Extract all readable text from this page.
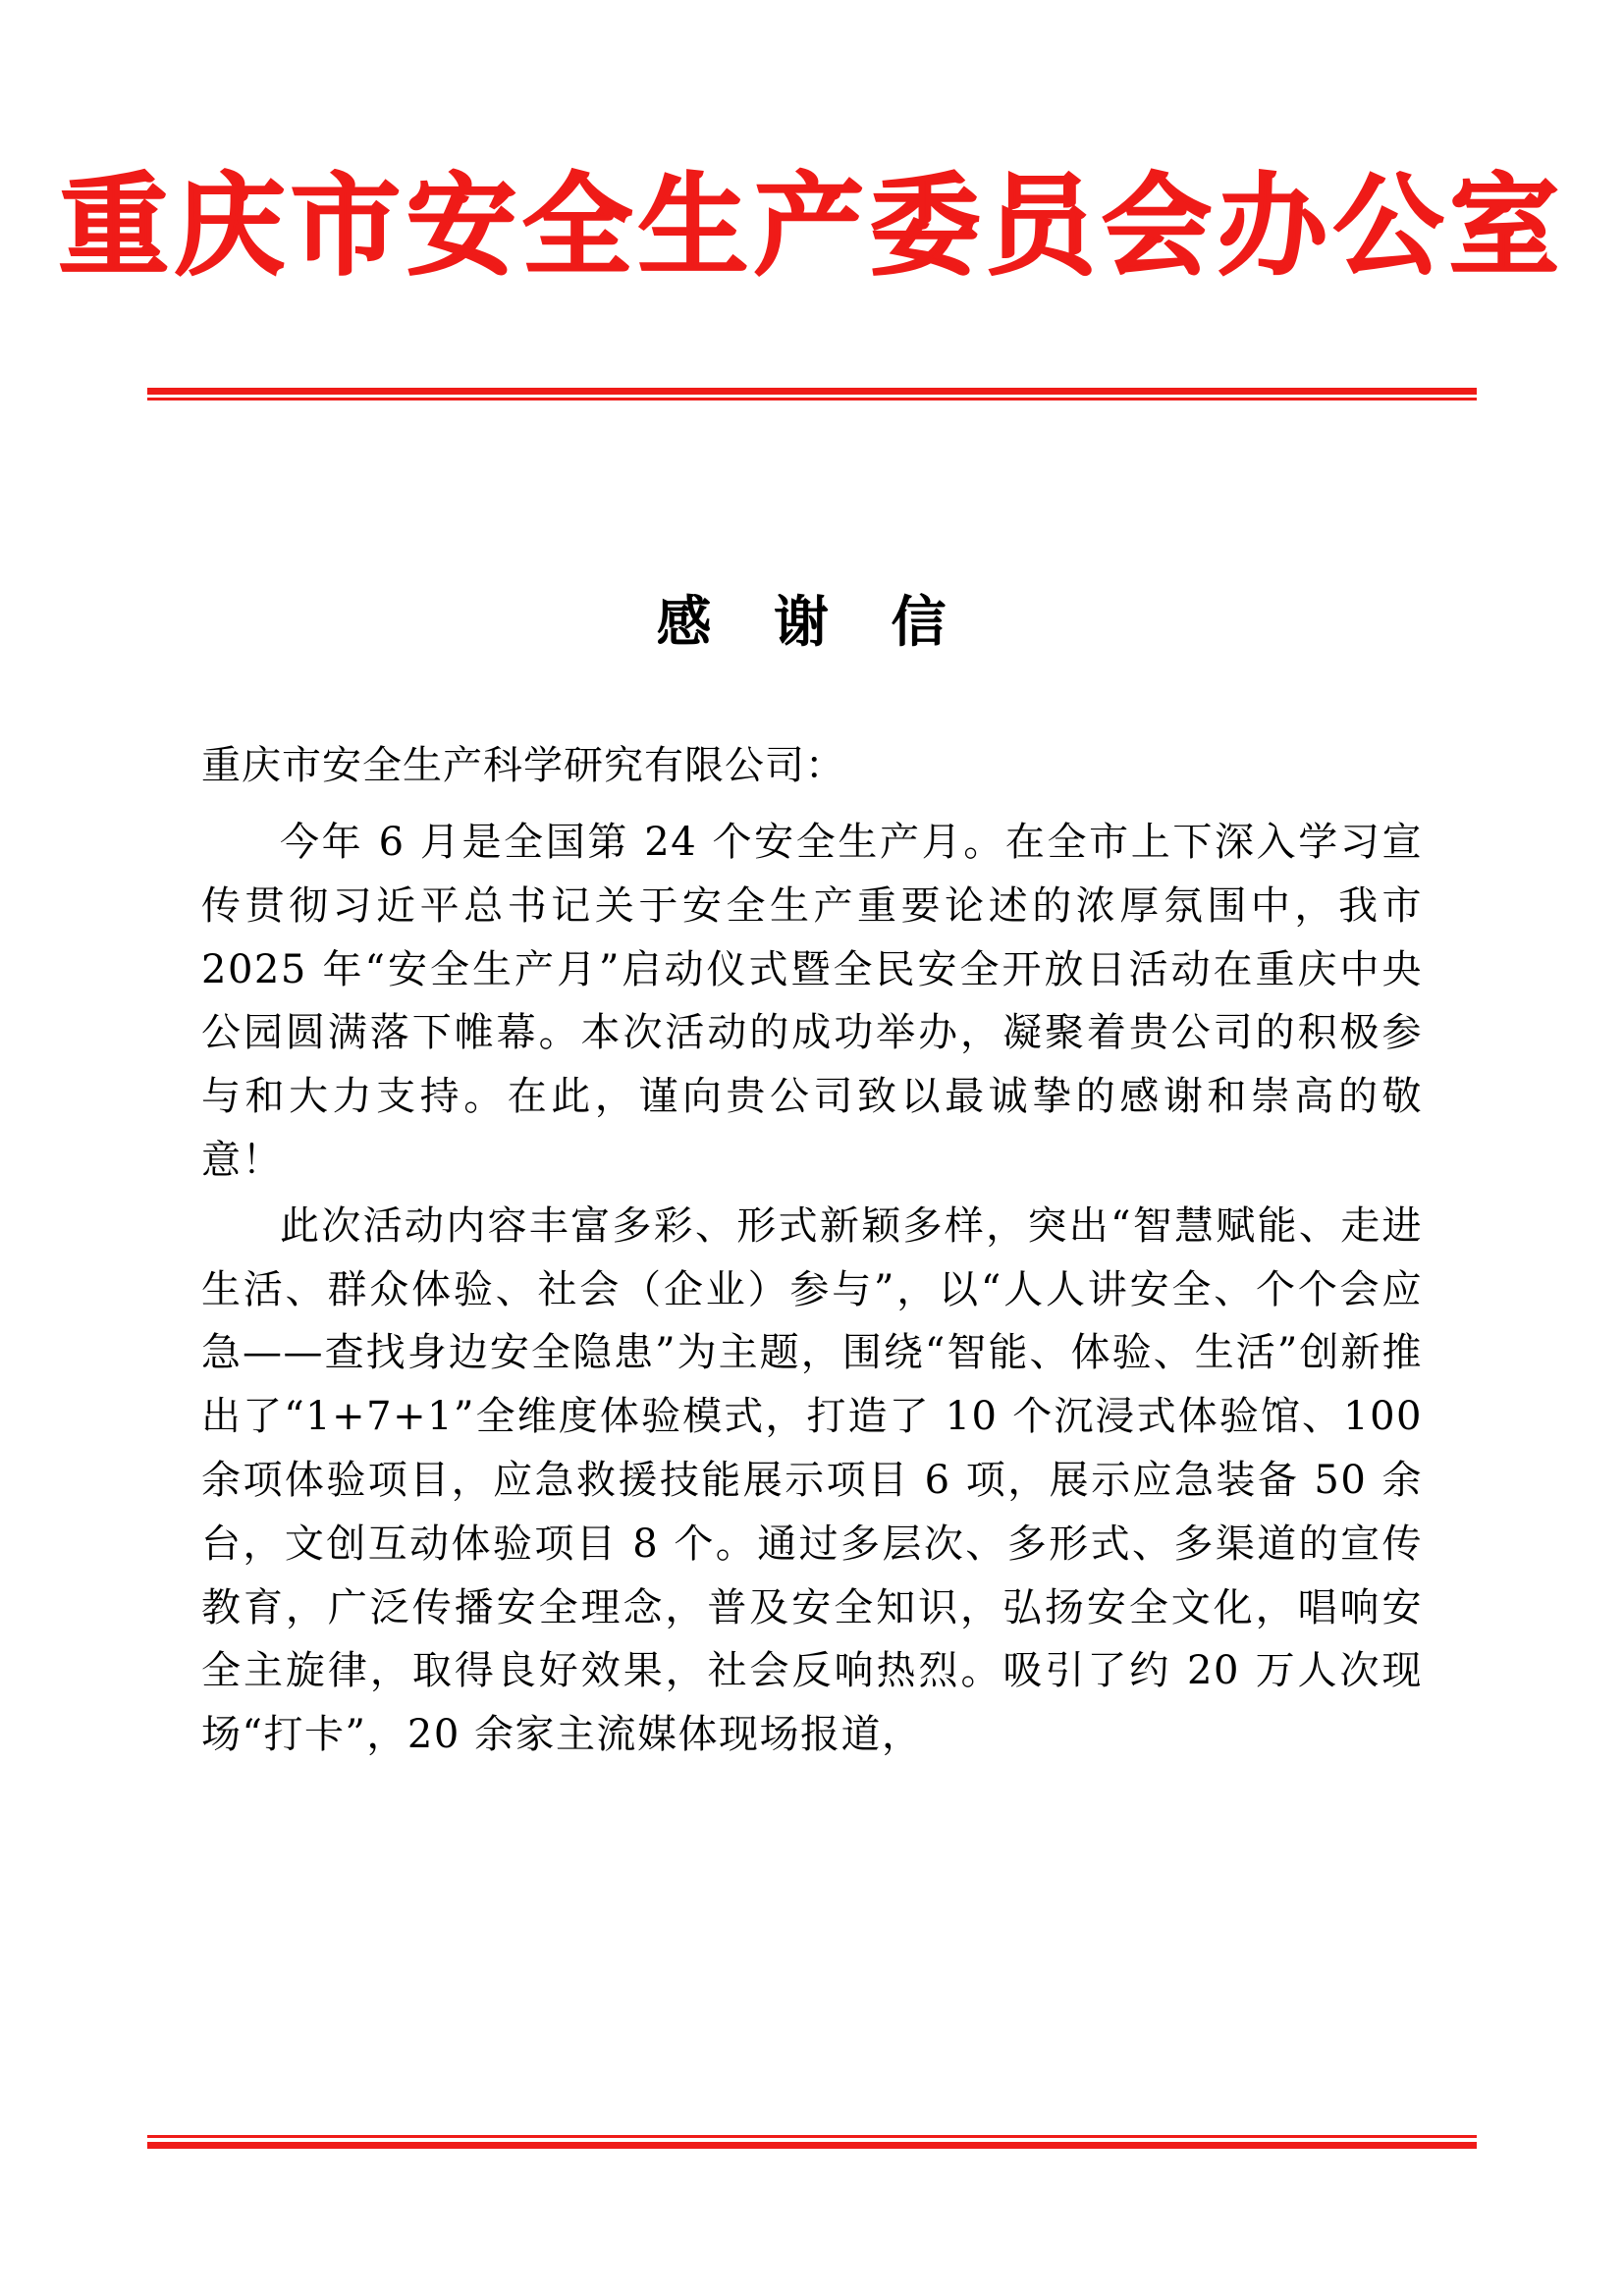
重庆市安全生产委员会办公室
感 谢 信
重庆市安全生产科学研究有限公司：

今年 6 月是全国第 24 个安全生产月。在全市上下深入学习宣传贯彻习近平总书记关于安全生产重要论述的浓厚氛围中，我市 2025 年“安全生产月”启动仪式暨全民安全开放日活动在重庆中央公园圆满落下帷幕。本次活动的成功举办，凝聚着贵公司的积极参与和大力支持。在此，谨向贵公司致以最诚挚的感谢和崇高的敬意！

此次活动内容丰富多彩、形式新颖多样，突出“智慧赋能、走进生活、群众体验、社会（企业）参与”，以“人人讲安全、个个会应急——查找身边安全隐患”为主题，围绕“智能、体验、生活”创新推出了“1+7+1”全维度体验模式，打造了 10 个沉浸式体验馆、100 余项体验项目，应急救援技能展示项目 6 项，展示应急装备 50 余台，文创互动体验项目 8 个。通过多层次、多形式、多渠道的宣传教育，广泛传播安全理念，普及安全知识，弘扬安全文化，唱响安全主旋律，取得良好效果，社会反响热烈。吸引了约 20 万人次现场“打卡”，20 余家主流媒体现场报道，
